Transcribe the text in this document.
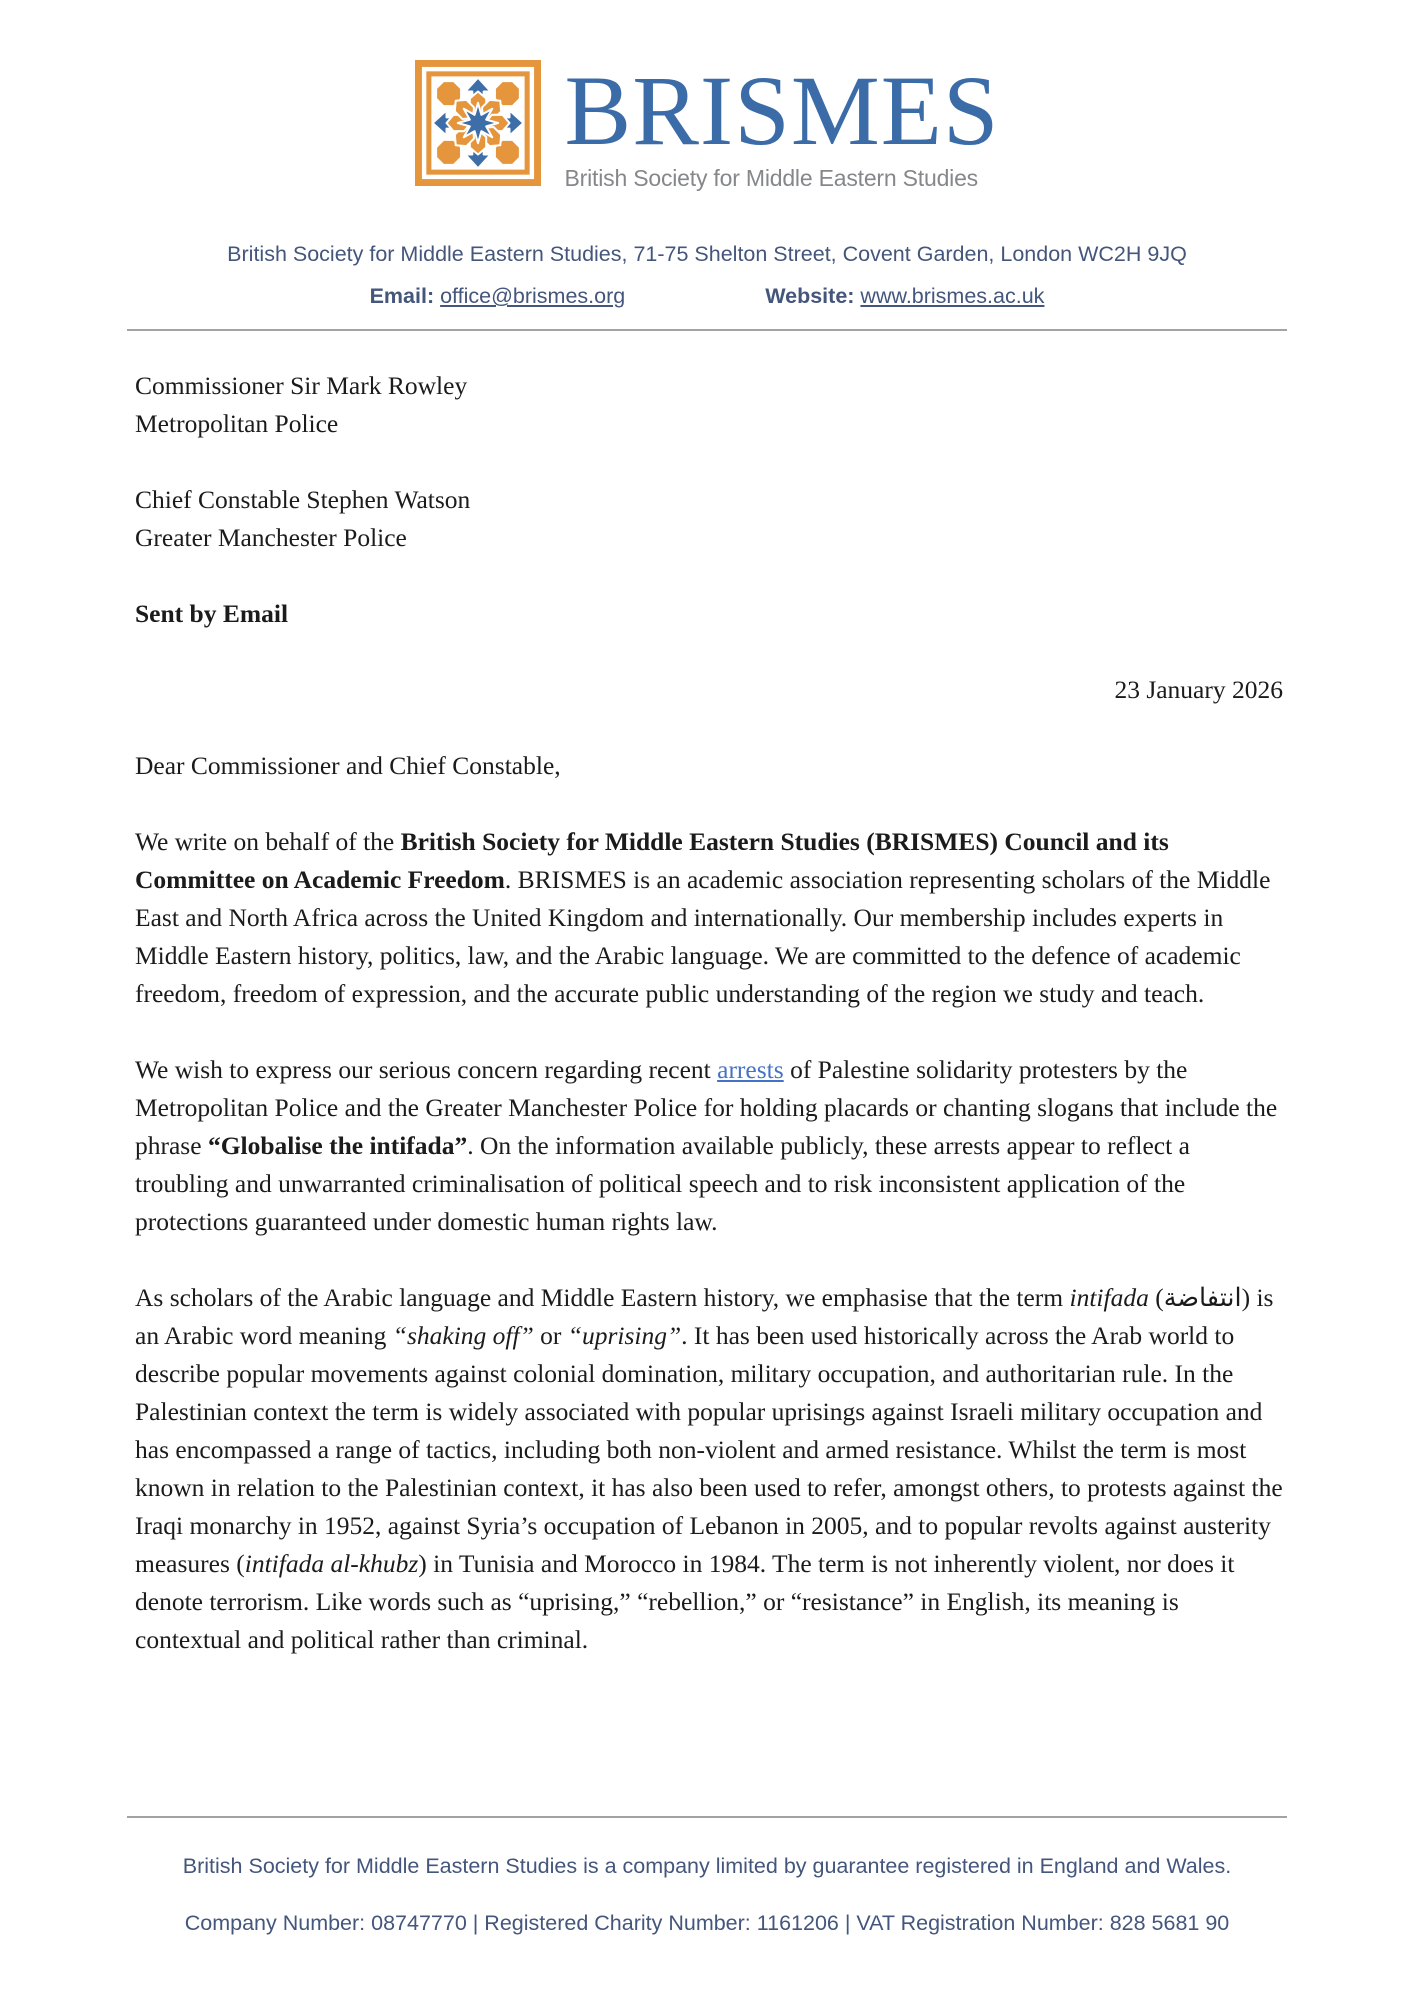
BRISMES
British Society for Middle Eastern Studies
British Society for Middle Eastern Studies, 71-75 Shelton Street, Covent Garden, London WC2H 9JQ
Email: office@brismes.org	Website: www.brismes.ac.uk

Commissioner Sir Mark Rowley
Metropolitan Police

Chief Constable Stephen Watson
Greater Manchester Police

Sent by Email

23 January 2026

Dear Commissioner and Chief Constable,

We write on behalf of the British Society for Middle Eastern Studies (BRISMES) Council and its Committee on Academic Freedom. BRISMES is an academic association representing scholars of the Middle East and North Africa across the United Kingdom and internationally. Our membership includes experts in Middle Eastern history, politics, law, and the Arabic language. We are committed to the defence of academic freedom, freedom of expression, and the accurate public understanding of the region we study and teach.

We wish to express our serious concern regarding recent arrests of Palestine solidarity protesters by the Metropolitan Police and the Greater Manchester Police for holding placards or chanting slogans that include the phrase “Globalise the intifada”. On the information available publicly, these arrests appear to reflect a troubling and unwarranted criminalisation of political speech and to risk inconsistent application of the protections guaranteed under domestic human rights law.

As scholars of the Arabic language and Middle Eastern history, we emphasise that the term intifada (انتفاضة) is an Arabic word meaning “shaking off” or “uprising”. It has been used historically across the Arab world to describe popular movements against colonial domination, military occupation, and authoritarian rule. In the Palestinian context the term is widely associated with popular uprisings against Israeli military occupation and has encompassed a range of tactics, including both non-violent and armed resistance. Whilst the term is most known in relation to the Palestinian context, it has also been used to refer, amongst others, to protests against the Iraqi monarchy in 1952, against Syria’s occupation of Lebanon in 2005, and to popular revolts against austerity measures (intifada al-khubz) in Tunisia and Morocco in 1984. The term is not inherently violent, nor does it denote terrorism. Like words such as “uprising,” “rebellion,” or “resistance” in English, its meaning is contextual and political rather than criminal.

British Society for Middle Eastern Studies is a company limited by guarantee registered in England and Wales.
Company Number: 08747770 | Registered Charity Number: 1161206 | VAT Registration Number: 828 5681 90
